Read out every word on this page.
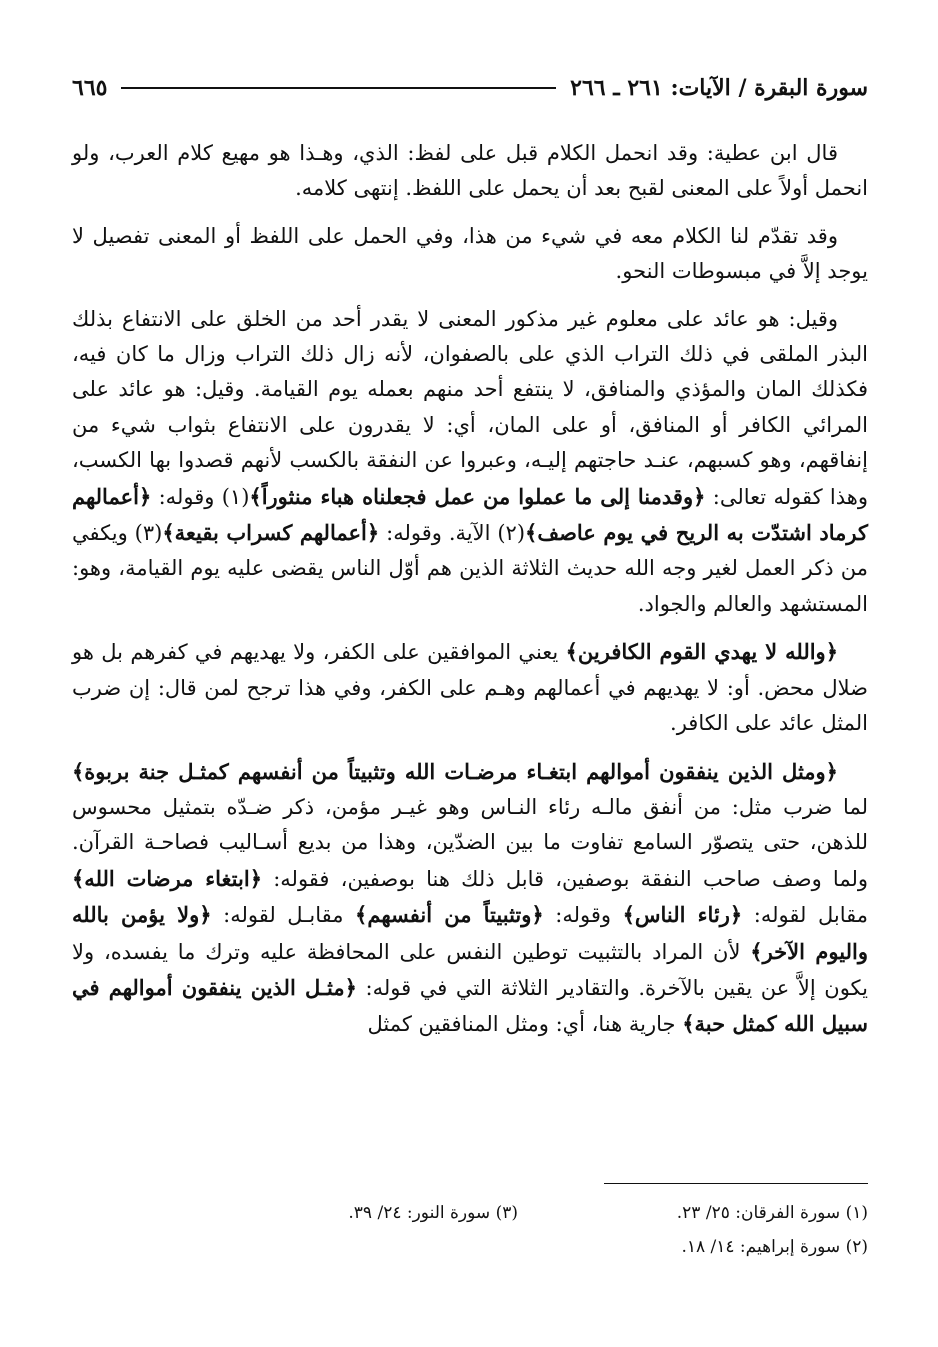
سورة البقرة / الآيات: ٢٦١ ـ ٢٦٦
٦٦٥

قال ابن عطية: وقد انحمل الكلام قبل على لفظ: الذي، وهـذا هو مهيع كلام العرب، ولو انحمل أولاً على المعنى لقبح بعد أن يحمل على اللفظ. إنتهى كلامه.

وقد تقدّم لنا الكلام معه في شيء من هذا، وفي الحمل على اللفظ أو المعنى تفصيل لا يوجد إلاَّ في مبسوطات النحو.

وقيل: هو عائد على معلوم غير مذكور المعنى لا يقدر أحد من الخلق على الانتفاع بذلك البذر الملقى في ذلك التراب الذي على بالصفوان، لأنه زال ذلك التراب وزال ما كان فيه، فكذلك المان والمؤذي والمنافق، لا ينتفع أحد منهم بعمله يوم القيامة. وقيل: هو عائد على المرائي الكافر أو المنافق، أو على المان، أي: لا يقدرون على الانتفاع بثواب شيء من إنفاقهم، وهو كسبهم، عنـد حاجتهم إليـه، وعبروا عن النفقة بالكسب لأنهم قصدوا بها الكسب، وهذا كقوله تعالى: ﴿وقدمنا إلى ما عملوا من عمل فجعلناه هباء منثوراً﴾(١) وقوله: ﴿أعمالهم كرماد اشتدّت به الريح في يوم عاصف﴾(٢) الآية. وقوله: ﴿أعمالهم كسراب بقيعة﴾(٣) ويكفي من ذكر العمل لغير وجه الله حديث الثلاثة الذين هم أوّل الناس يقضى عليه يوم القيامة، وهو: المستشهد والعالم والجواد.

﴿والله لا يهدي القوم الكافرين﴾ يعني الموافقين على الكفر، ولا يهديهم في كفرهم بل هو ضلال محض. أو: لا يهديهم في أعمالهم وهـم على الكفر، وفي هذا ترجح لمن قال: إن ضرب المثل عائد على الكافر.

﴿ومثل الذين ينفقون أموالهم ابتغـاء مرضـات الله وتثبيتاً من أنفسهم كمثـل جنة بربوة﴾ لما ضرب مثل: من أنفق مالـه رئاء النـاس وهو غيـر مؤمن، ذكر ضـدّه بتمثيل محسوس للذهن، حتى يتصوّر السامع تفاوت ما بين الضدّين، وهذا من بديع أسـاليب فصاحـة القرآن. ولما وصف صاحب النفقة بوصفين، قابل ذلك هنا بوصفين، فقوله: ﴿ابتغاء مرضات الله﴾ مقابل لقوله: ﴿رئاء الناس﴾ وقوله: ﴿وتثبيتاً من أنفسهم﴾ مقابـل لقوله: ﴿ولا يؤمن بالله واليوم الآخر﴾ لأن المراد بالتثبيت توطين النفس على المحافظة عليه وترك ما يفسده، ولا يكون إلاَّ عن يقين بالآخرة. والتقادير الثلاثة التي في قوله: ﴿مثـل الذين ينفقون أموالهم في سبيل الله كمثل حبة﴾ جارية هنا، أي: ومثل المنافقين كمثل

(١) سورة الفرقان: ٢٥/ ٢٣.
(٣) سورة النور: ٢٤/ ٣٩.
(٢) سورة إبراهيم: ١٤/ ١٨.
